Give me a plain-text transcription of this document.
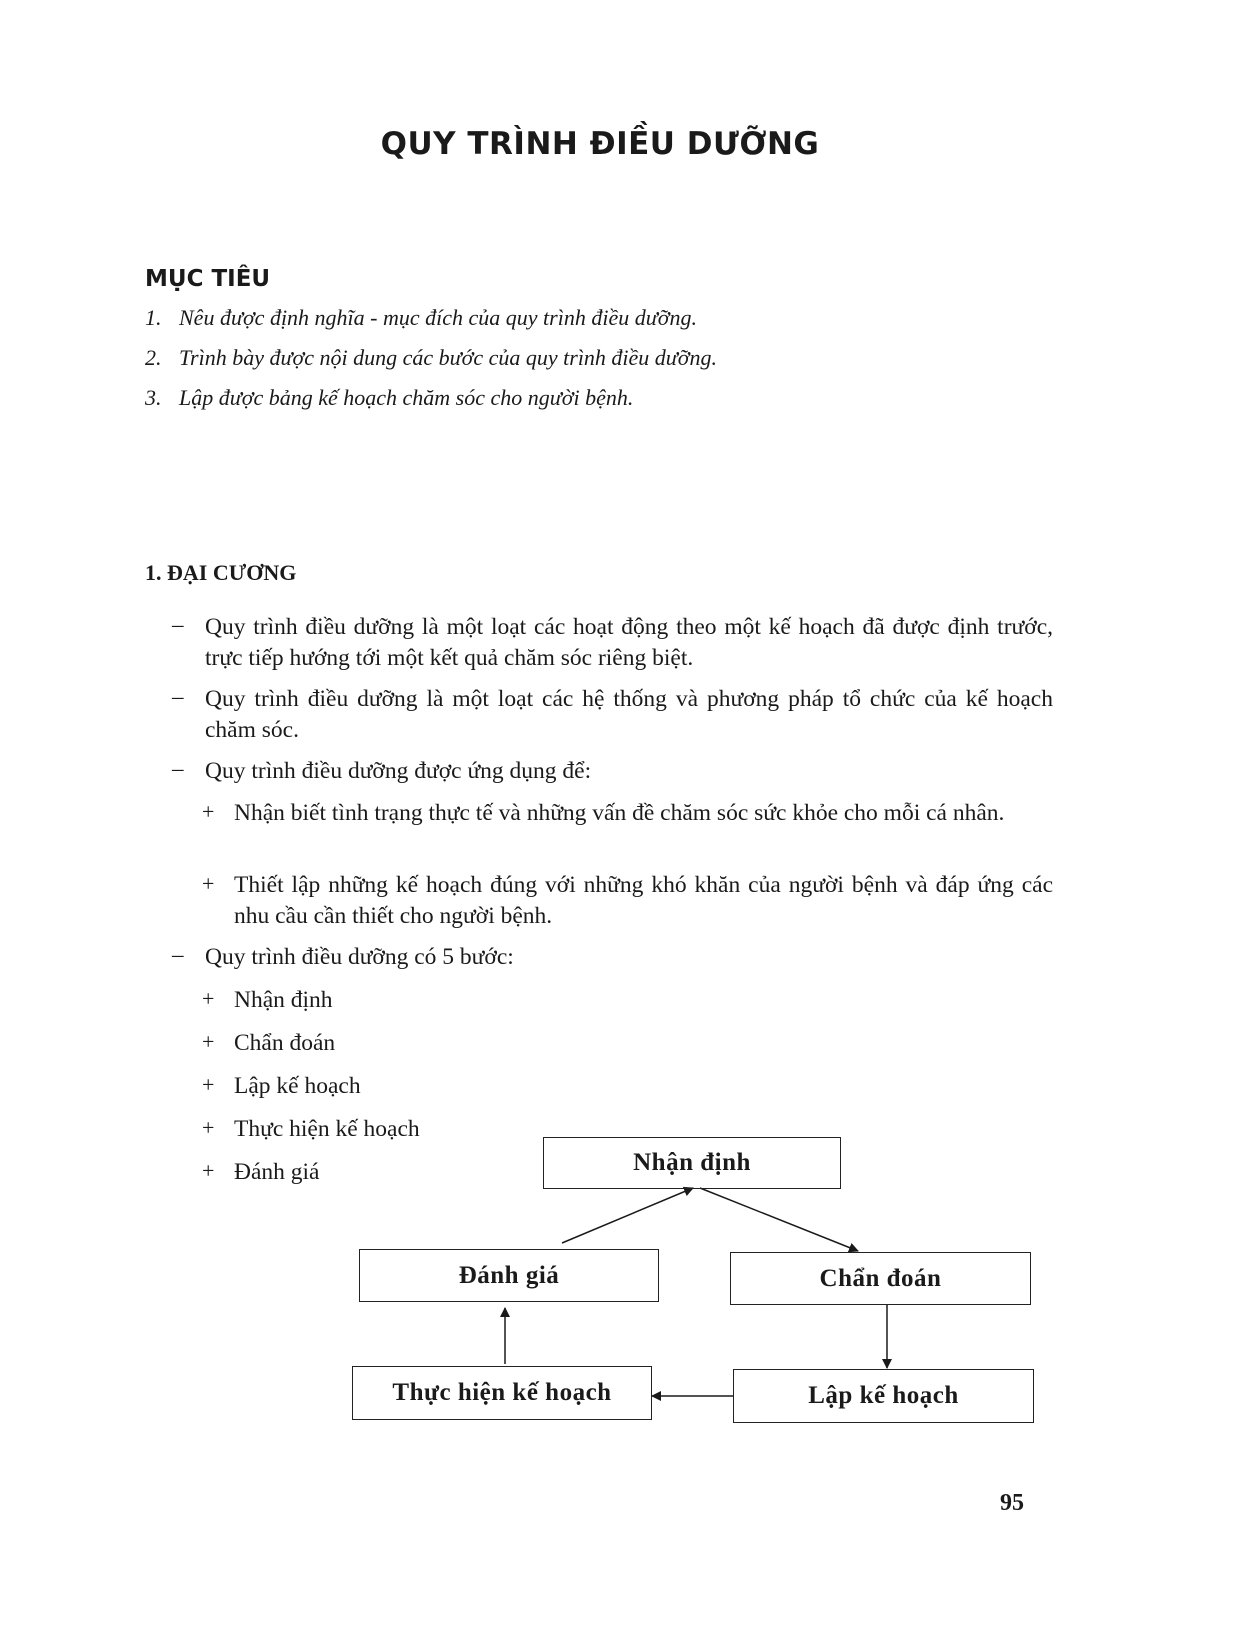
QUY TRÌNH ĐIỀU DƯỠNG
MỤC TIÊU
1. Nêu được định nghĩa - mục đích của quy trình điều dưỡng.
2. Trình bày được nội dung các bước của quy trình điều dưỡng.
3. Lập được bảng kế hoạch chăm sóc cho người bệnh.
1. ĐẠI CƯƠNG
– Quy trình điều dưỡng là một loạt các hoạt động theo một kế hoạch đã được định trước, trực tiếp hướng tới một kết quả chăm sóc riêng biệt.
– Quy trình điều dưỡng là một loạt các hệ thống và phương pháp tổ chức của kế hoạch chăm sóc.
– Quy trình điều dưỡng được ứng dụng để:
+ Nhận biết tình trạng thực tế và những vấn đề chăm sóc sức khỏe cho mỗi cá nhân.
+ Thiết lập những kế hoạch đúng với những khó khăn của người bệnh và đáp ứng các nhu cầu cần thiết cho người bệnh.
– Quy trình điều dưỡng có 5 bước:
+ Nhận định
+ Chẩn đoán
+ Lập kế hoạch
+ Thực hiện kế hoạch
+ Đánh giá	Nhận định
Đánh giá	Chẩn đoán
Thực hiện kế hoạch	Lập kế hoạch
95
